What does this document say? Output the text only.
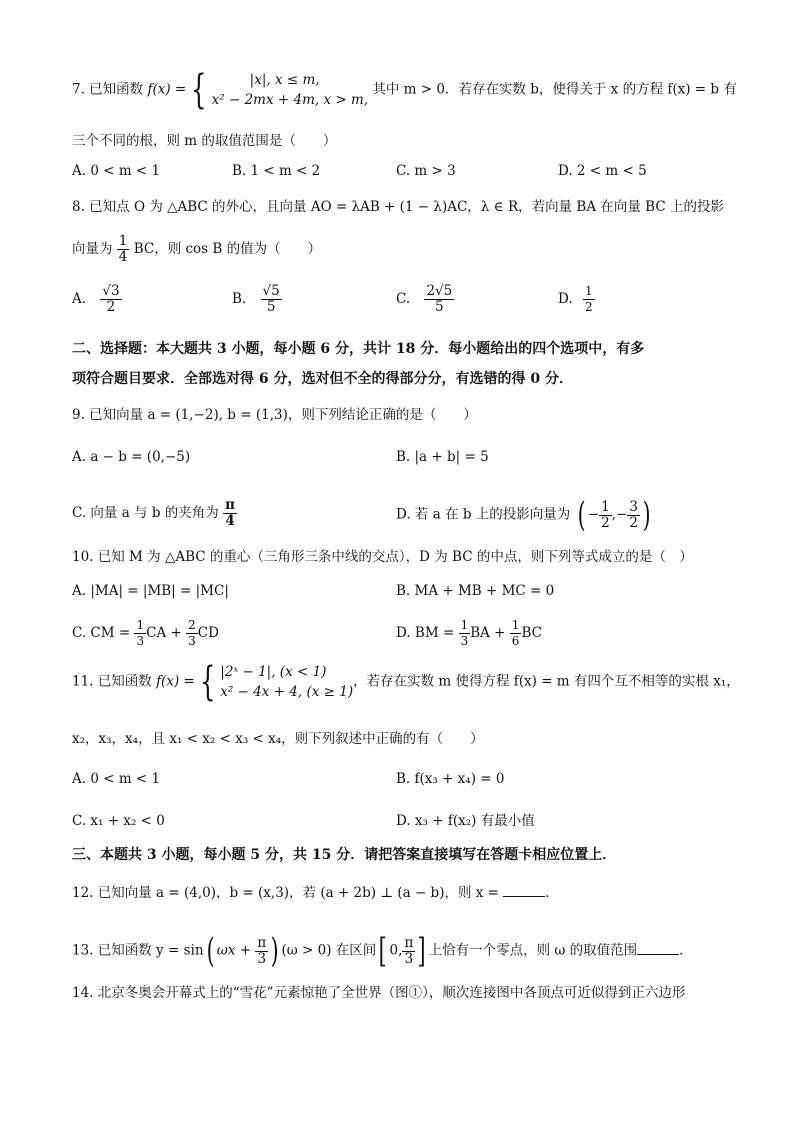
7. 已知函数 f(x) = {	|x|, x ≤ m,
x² − 2mx + 4m, x > m,
其中 m > 0．若存在实数 b，使得关于 x 的方程 f(x) = b 有
三个不同的根，则 m 的取值范围是（　　）
A. 0 < m < 1	B. 1 < m < 2	C. m > 3	D. 2 < m < 5
8. 已知点 O 为 △ABC 的外心，且向量 AO = λAB + (1 − λ)AC，λ ∈ R，若向量 BA 在向量 BC 上的投影
向量为 $\frac{1}{4}$ BC，则 cos B 的值为（　　）
A. $\frac{√3}{2}$	B. $\frac{√5}{5}$	C. $\frac{2√5}{5}$	D. $\frac{1}{2}$
二、选择题：本大题共 3 小题，每小题 6 分，共计 18 分．每小题给出的四个选项中，有多
项符合题目要求．全部选对得 6 分，选对但不全的得部分分，有选错的得 0 分．
9. 已知向量 a = (1,−2), b = (1,3)，则下列结论正确的是（　　）
A. a − b = (0,−5)	B. |a + b| = 5
C. 向量 a 与 b 的夹角为 $\frac{\pi}{4}$	D. 若 a 在 b 上的投影向量为 ( − $\frac{1}{2}$ ,− $\frac{3}{2}$ )
10. 已知 M 为 △ABC 的重心（三角形三条中线的交点），D 为 BC 的中点，则下列等式成立的是（　）
A. |MA| = |MB| = |MC|	B. MA + MB + MC = 0
C. CM = $\frac{1}{3}$ CA + $\frac{2}{3}$ CD	D. BM = $\frac{1}{3}$ BA + $\frac{1}{6}$ BC
11. 已知函数 f(x) = { |2ˣ − 1|, (x < 1)
x² − 4x + 4, (x ≥ 1)
，若存在实数 m 使得方程 f(x) = m 有四个互不相等的实根 x₁，
x₂，x₃，x₄，且 x₁ < x₂ < x₃ < x₄，则下列叙述中正确的有（　　）
A. 0 < m < 1	B. f(x₃ + x₄) = 0
C. x₁ + x₂ < 0	D. x₃ + f(x₂) 有最小值
三、本题共 3 小题，每小题 5 分，共 15 分．请把答案直接填写在答题卡相应位置上．
12. 已知向量 a = (4,0)，b = (x,3)，若 (a + 2b) ⊥ (a − b)，则 x =	．
13. 已知函数 y = sin( $\omega x + \frac{\pi}{3}$ ) (ω > 0) 在区间[ 0, $\frac{\pi}{3}$ ] 上恰有一个零点，则 ω 的取值范围	．
14. 北京冬奥会开幕式上的“雪花”元素惊艳了全世界（图①），顺次连接图中各顶点可近似得到正六边形
